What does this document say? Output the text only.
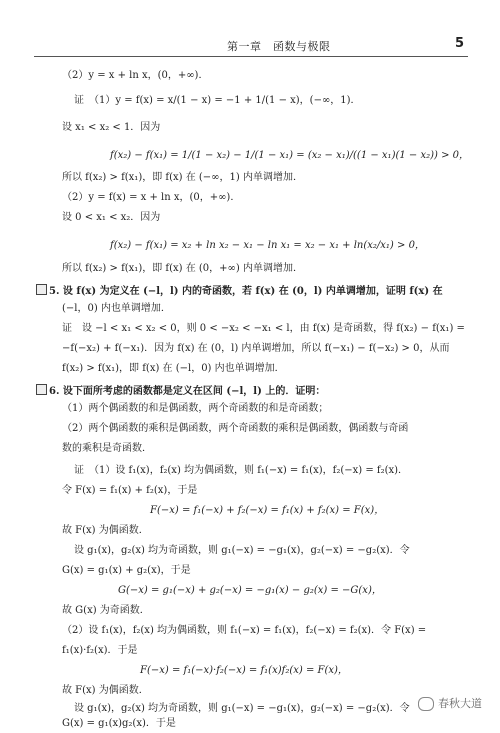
第一章　函数与极限	5
（2）y = x + ln x，(0，+∞)．
证　（1）y = f(x) = x/(1 − x) = −1 + 1/(1 − x)，(−∞，1)．
设 x₁ < x₂ < 1．因为
f(x₂) − f(x₁) = 1/(1 − x₂) − 1/(1 − x₁) = (x₂ − x₁)/((1 − x₁)(1 − x₂)) > 0，
所以 f(x₂) > f(x₁)，即 f(x) 在 (−∞，1) 内单调增加．
（2）y = f(x) = x + ln x，(0，+∞)．
设 0 < x₁ < x₂．因为
f(x₂) − f(x₁) = x₂ + ln x₂ − x₁ − ln x₁ = x₂ − x₁ + ln(x₂/x₁) > 0，
所以 f(x₂) > f(x₁)，即 f(x) 在 (0，+∞) 内单调增加．
5. 设 f(x) 为定义在 (−l，l) 内的奇函数，若 f(x) 在 (0，l) 内单调增加，证明 f(x) 在
(−l，0) 内也单调增加．
证　设 −l < x₁ < x₂ < 0，则 0 < −x₂ < −x₁ < l，由 f(x) 是奇函数，得 f(x₂) − f(x₁) =
−f(−x₂) + f(−x₁)．因为 f(x) 在 (0，l) 内单调增加，所以 f(−x₁) − f(−x₂) > 0，从而
f(x₂) > f(x₁)，即 f(x) 在 (−l，0) 内也单调增加．
6. 设下面所考虑的函数都是定义在区间 (−l，l) 上的．证明：
（1）两个偶函数的和是偶函数，两个奇函数的和是奇函数；
（2）两个偶函数的乘积是偶函数，两个奇函数的乘积是偶函数，偶函数与奇函
数的乘积是奇函数．
证　（1）设 f₁(x)，f₂(x) 均为偶函数，则 f₁(−x) = f₁(x)，f₂(−x) = f₂(x)．
令 F(x) = f₁(x) + f₂(x)，于是
F(−x) = f₁(−x) + f₂(−x) = f₁(x) + f₂(x) = F(x)，
故 F(x) 为偶函数．
设 g₁(x)，g₂(x) 均为奇函数，则 g₁(−x) = −g₁(x)，g₂(−x) = −g₂(x)．令
G(x) = g₁(x) + g₂(x)，于是
G(−x) = g₁(−x) + g₂(−x) = −g₁(x) − g₂(x) = −G(x)，
故 G(x) 为奇函数．
（2）设 f₁(x)，f₂(x) 均为偶函数，则 f₁(−x) = f₁(x)，f₂(−x) = f₂(x)．令 F(x) =
f₁(x)·f₂(x)．于是
F(−x) = f₁(−x)·f₂(−x) = f₁(x)f₂(x) = F(x)，
故 F(x) 为偶函数．
设 g₁(x)，g₂(x) 均为奇函数，则 g₁(−x) = −g₁(x)，g₂(−x) = −g₂(x)．令
G(x) = g₁(x)g₂(x)．于是
春秋大道
